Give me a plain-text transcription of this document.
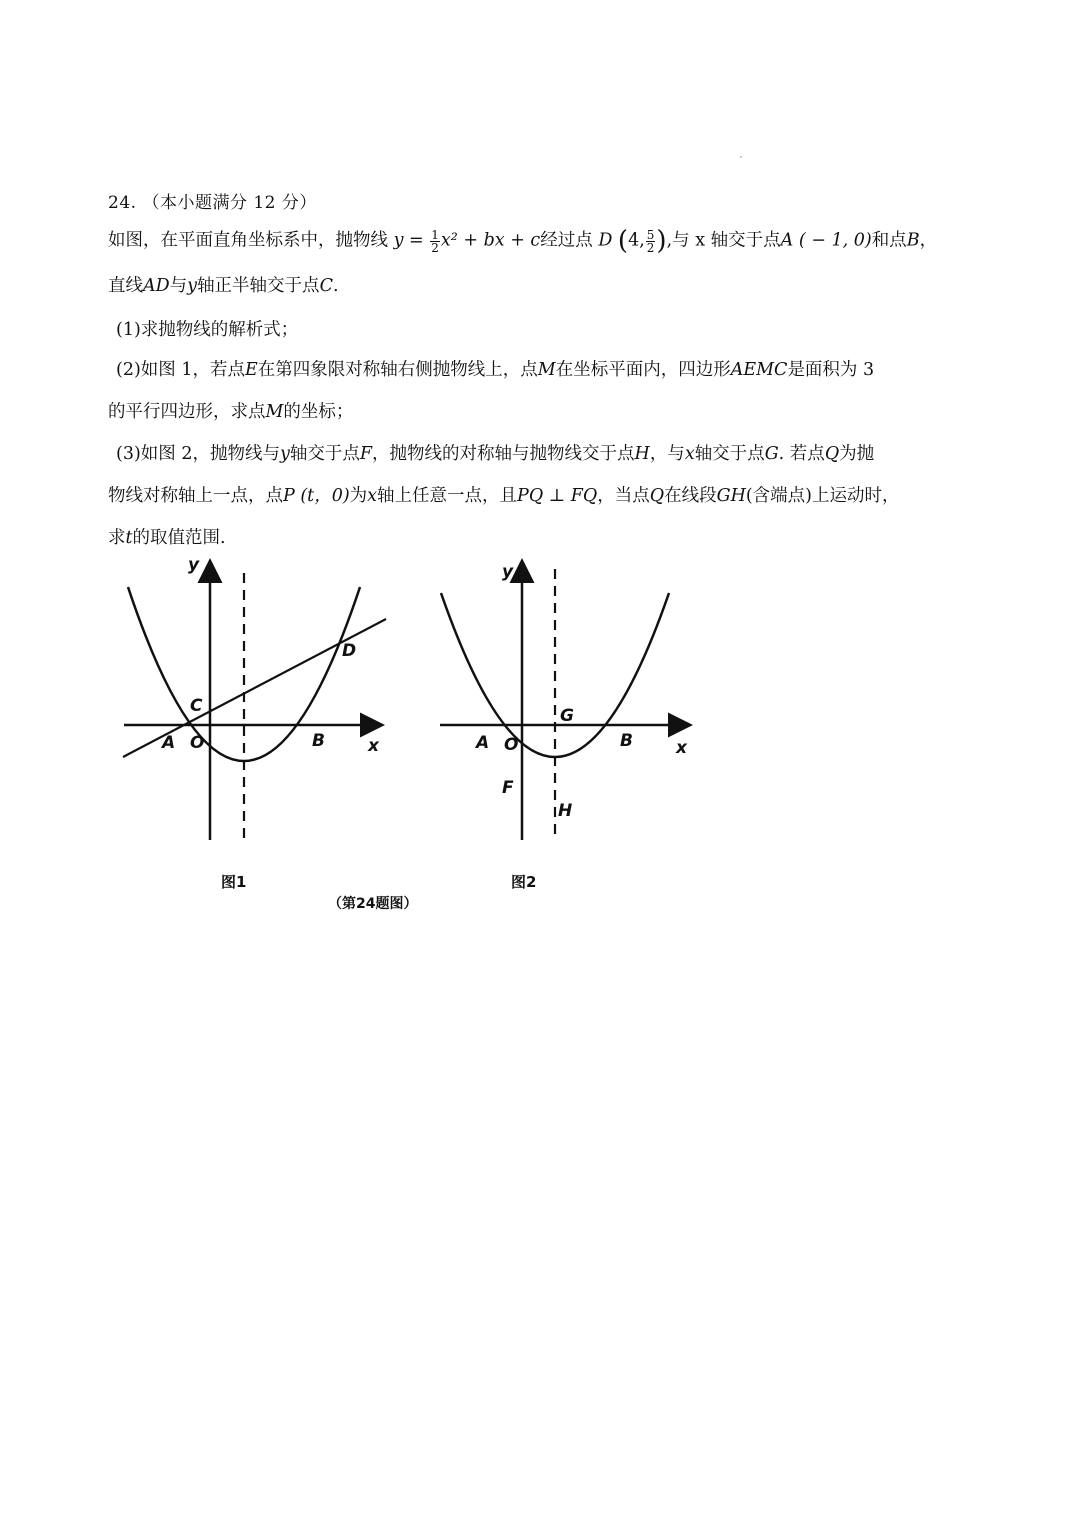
24. （本小题满分 12 分）
如图，在平面直角坐标系中，抛物线 $y = \frac{1}{2} x^2$ + bx + c经过点 D (4, $\frac{5}{2}$ ),与 x 轴交于点A ( − 1, 0)和点B，
直线AD与y轴正半轴交于点C.
(1)求抛物线的解析式；
(2)如图 1，若点E在第四象限对称轴右侧抛物线上，点M在坐标平面内，四边形AEMC是面积为 3
的平行四边形，求点M的坐标；
(3)如图 2，抛物线与y轴交于点F，抛物线的对称轴与抛物线交于点H，与x轴交于点G. 若点Q为抛
物线对称轴上一点，点P (t，0)为x轴上任意一点，且PQ ⊥ FQ，当点Q在线段GH(含端点)上运动时，
求t的取值范围.
y
x
A O	B
C
D
图1
y
x
A O	B
F
G
H
图2
（第24题图）
